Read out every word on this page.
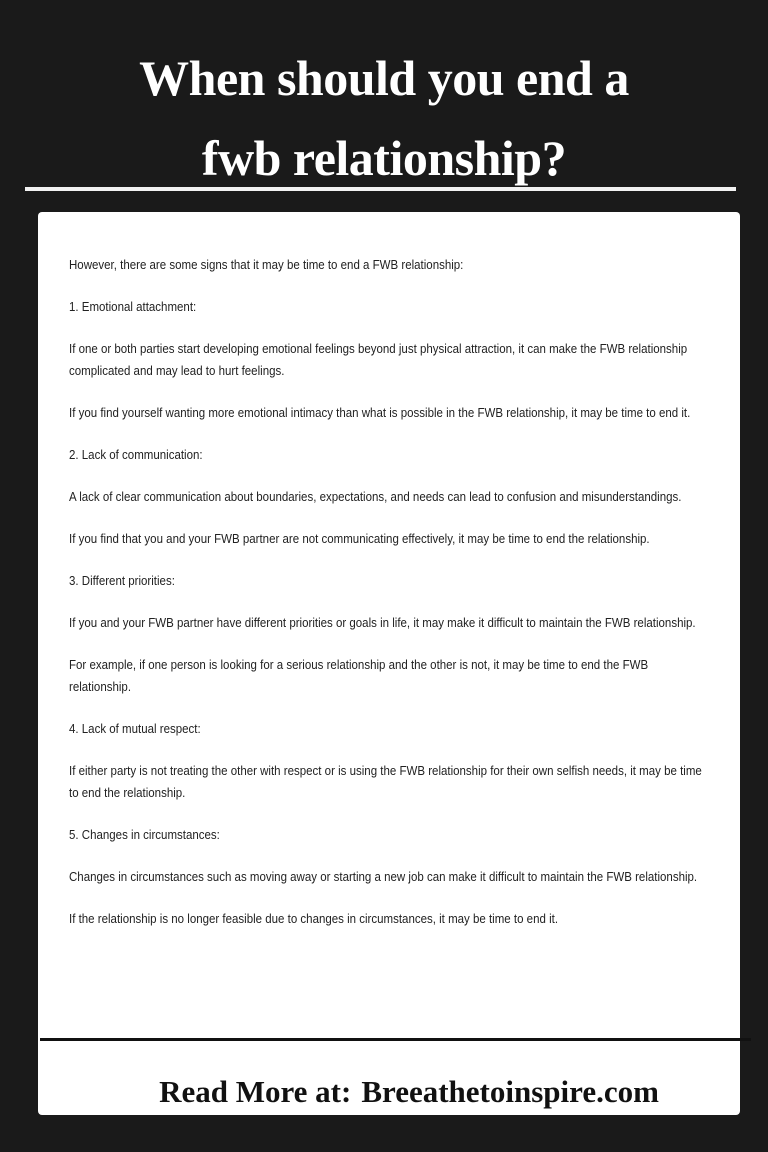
When should you end a
fwb relationship?

However, there are some signs that it may be time to end a FWB relationship:

1. Emotional attachment:

If one or both parties start developing emotional feelings beyond just physical attraction, it can make the FWB relationship complicated and may lead to hurt feelings.

If you find yourself wanting more emotional intimacy than what is possible in the FWB relationship, it may be time to end it.

2. Lack of communication:

A lack of clear communication about boundaries, expectations, and needs can lead to confusion and misunderstandings.

If you find that you and your FWB partner are not communicating effectively, it may be time to end the relationship.

3. Different priorities:

If you and your FWB partner have different priorities or goals in life, it may make it difficult to maintain the FWB relationship.

For example, if one person is looking for a serious relationship and the other is not, it may be time to end the FWB relationship.

4. Lack of mutual respect:

If either party is not treating the other with respect or is using the FWB relationship for their own selfish needs, it may be time to end the relationship.

5. Changes in circumstances:

Changes in circumstances such as moving away or starting a new job can make it difficult to maintain the FWB relationship.

If the relationship is no longer feasible due to changes in circumstances, it may be time to end it.

Read More at: Breeathetoinspire.com
